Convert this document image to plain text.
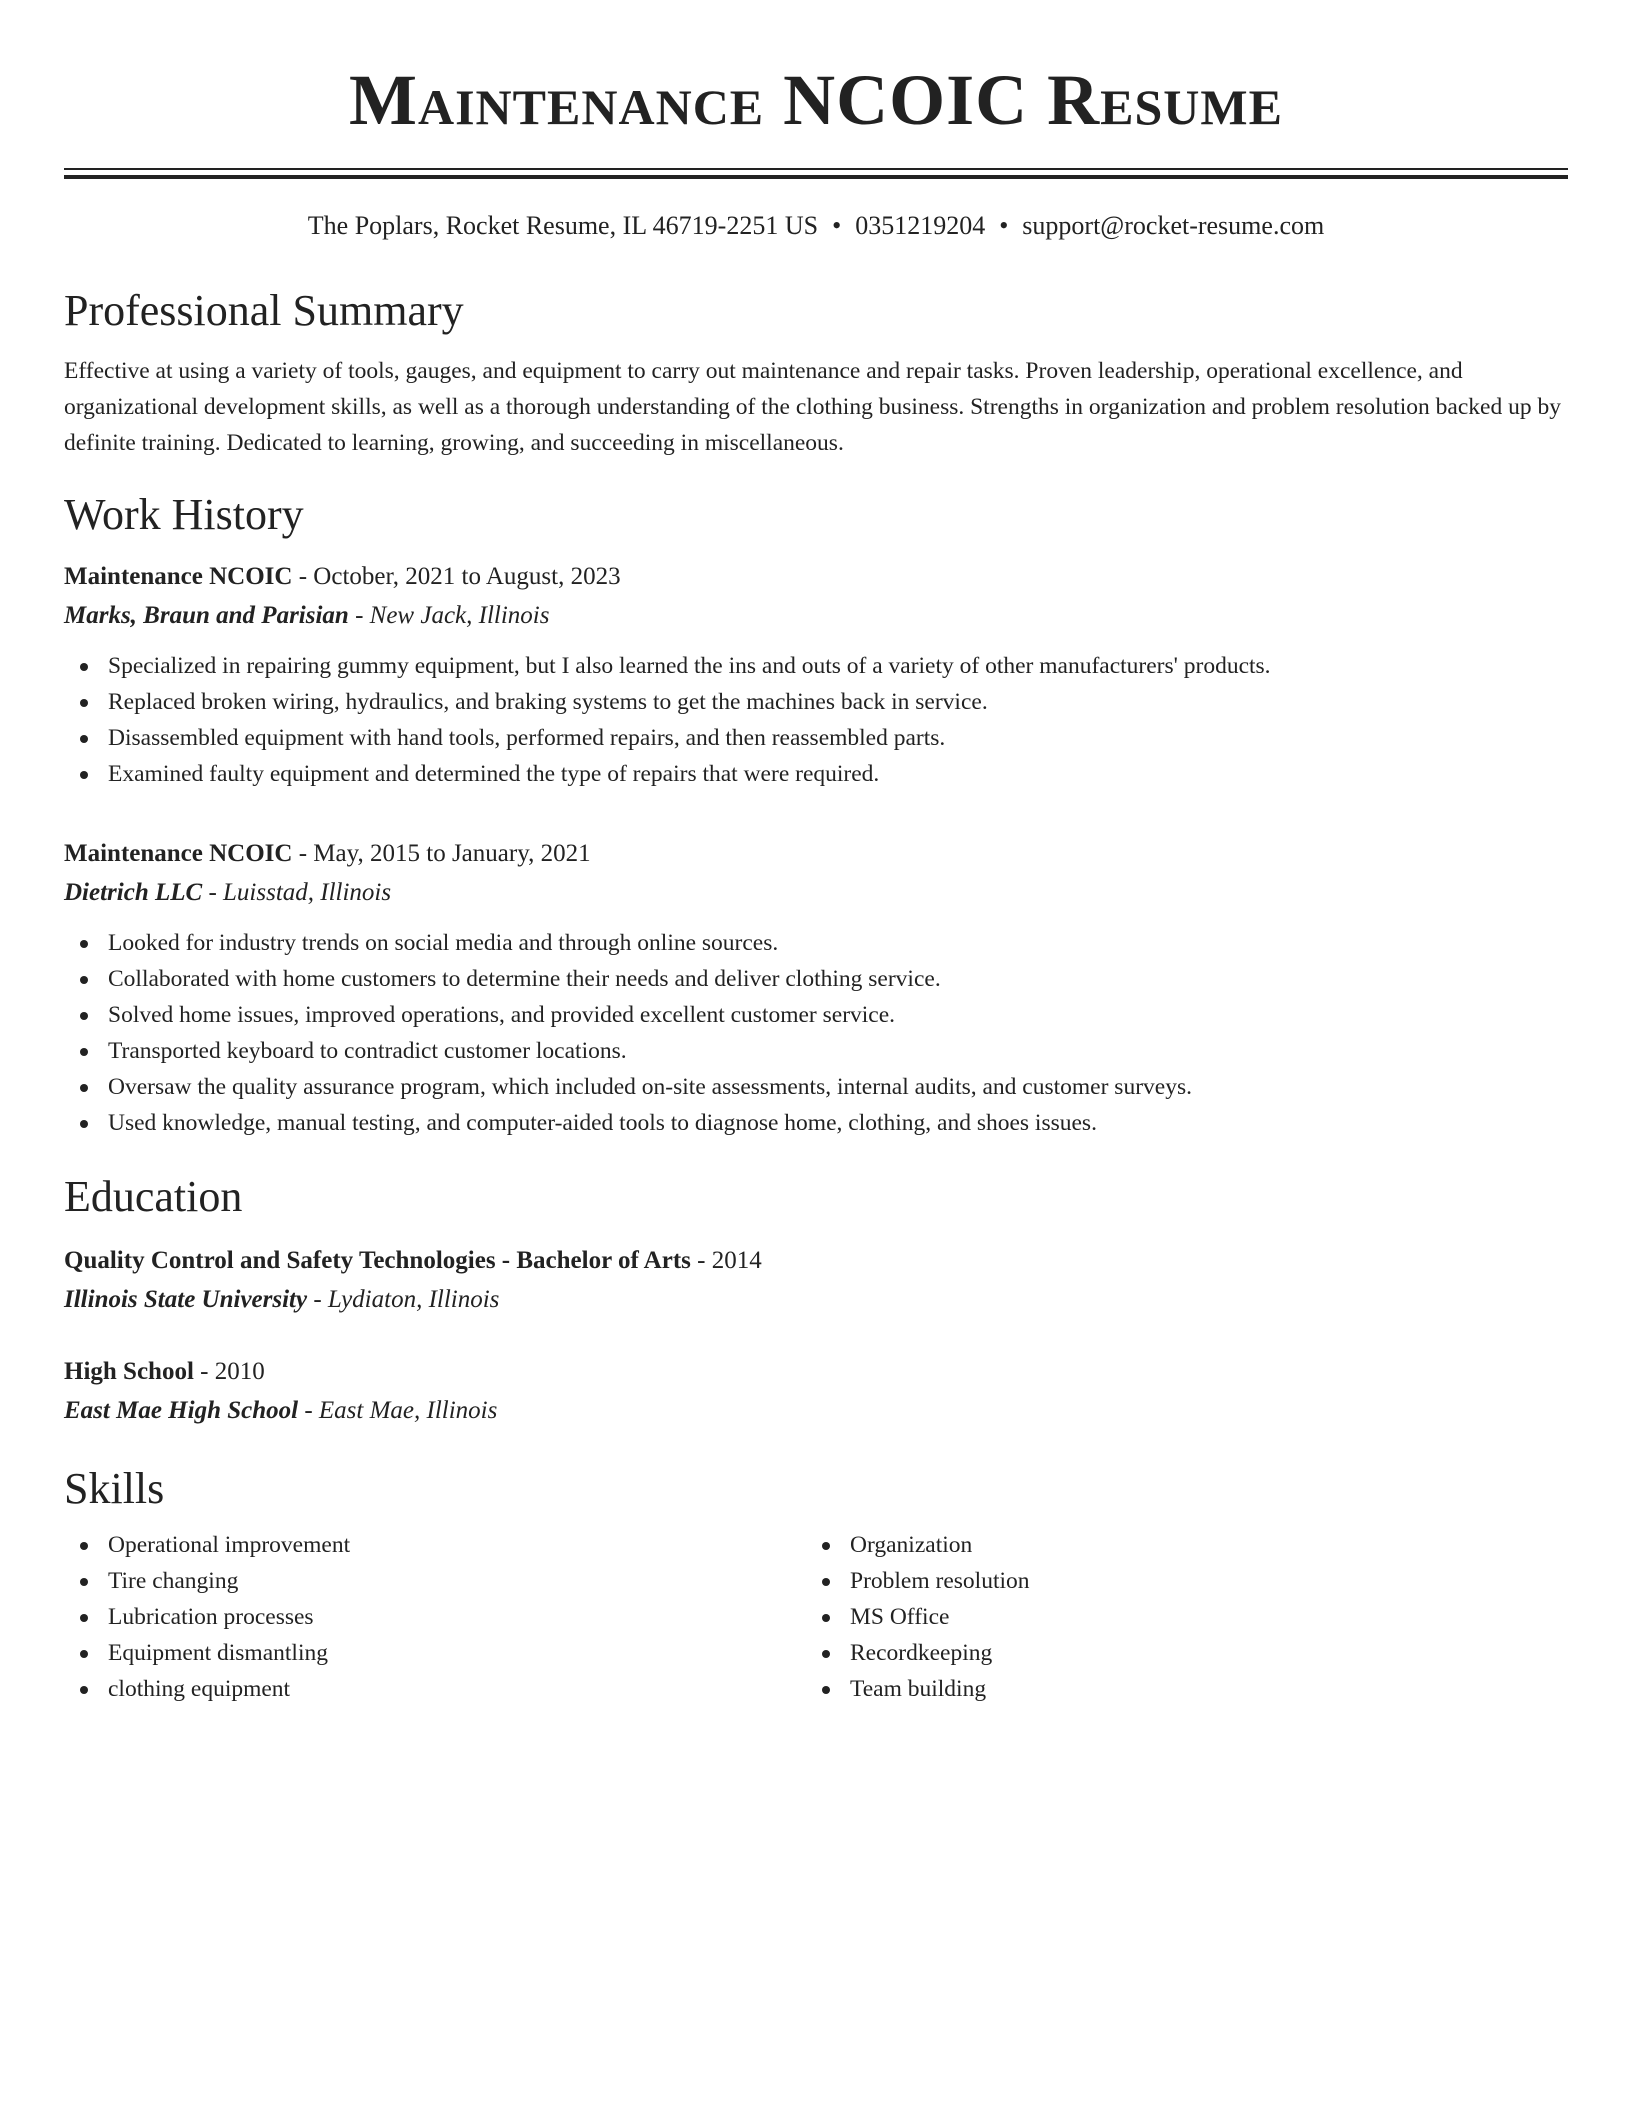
Maintenance NCOIC Resume
The Poplars, Rocket Resume, IL 46719-2251 US • 0351219204 • support@rocket-resume.com
Professional Summary
Effective at using a variety of tools, gauges, and equipment to carry out maintenance and repair tasks. Proven leadership, operational excellence, and organizational development skills, as well as a thorough understanding of the clothing business. Strengths in organization and problem resolution backed up by definite training. Dedicated to learning, growing, and succeeding in miscellaneous.
Work History
Maintenance NCOIC - October, 2021 to August, 2023
Marks, Braun and Parisian - New Jack, Illinois
Specialized in repairing gummy equipment, but I also learned the ins and outs of a variety of other manufacturers' products.
Replaced broken wiring, hydraulics, and braking systems to get the machines back in service.
Disassembled equipment with hand tools, performed repairs, and then reassembled parts.
Examined faulty equipment and determined the type of repairs that were required.
Maintenance NCOIC - May, 2015 to January, 2021
Dietrich LLC - Luisstad, Illinois
Looked for industry trends on social media and through online sources.
Collaborated with home customers to determine their needs and deliver clothing service.
Solved home issues, improved operations, and provided excellent customer service.
Transported keyboard to contradict customer locations.
Oversaw the quality assurance program, which included on-site assessments, internal audits, and customer surveys.
Used knowledge, manual testing, and computer-aided tools to diagnose home, clothing, and shoes issues.
Education
Quality Control and Safety Technologies - Bachelor of Arts - 2014
Illinois State University - Lydiaton, Illinois
High School - 2010
East Mae High School - East Mae, Illinois
Skills
Operational improvement
Tire changing
Lubrication processes
Equipment dismantling
clothing equipment
Organization
Problem resolution
MS Office
Recordkeeping
Team building
